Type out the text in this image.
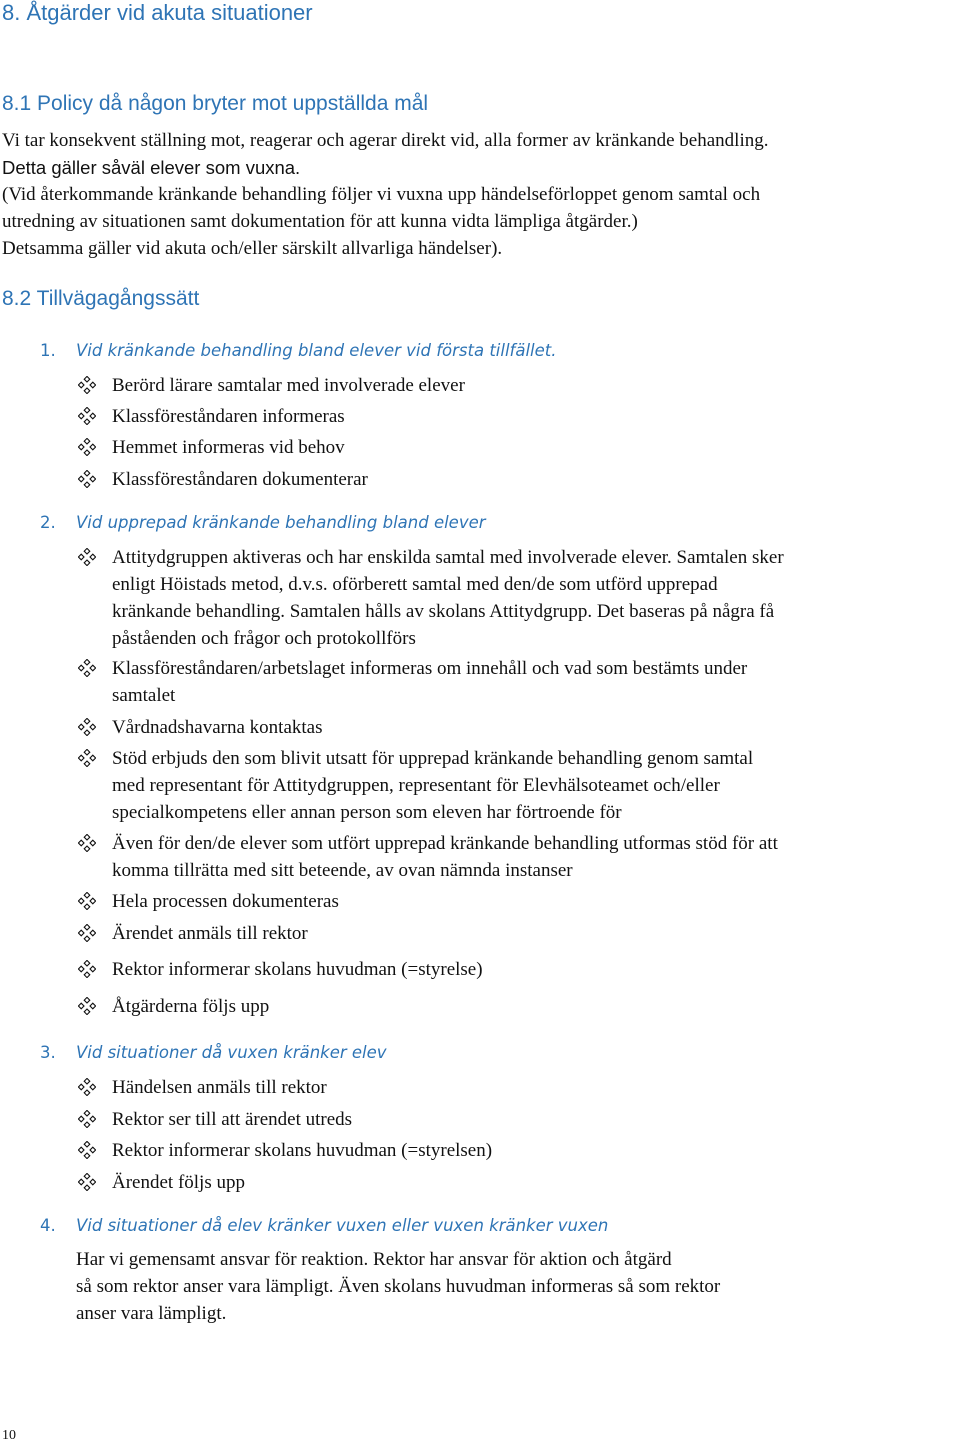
8. Åtgärder vid akuta situationer
8.1 Policy då någon bryter mot uppställda mål
Vi tar konsekvent ställning mot, reagerar och agerar direkt vid, alla former av kränkande behandling.
Detta gäller såväl elever som vuxna.
(Vid återkommande kränkande behandling följer vi vuxna upp händelseförloppet genom samtal och
utredning av situationen samt dokumentation för att kunna vidta lämpliga åtgärder.)
Detsamma gäller vid akuta och/eller särskilt allvarliga händelser).
8.2 Tillvägagångssätt
1. Vid kränkande behandling bland elever vid första tillfället.
Berörd lärare samtalar med involverade elever
Klassföreståndaren informeras
Hemmet informeras vid behov
Klassföreståndaren dokumenterar
2. Vid upprepad kränkande behandling bland elever
Attitydgruppen aktiveras och har enskilda samtal med involverade elever. Samtalen sker
enligt Höistads metod, d.v.s. oförberett samtal med den/de som utförd upprepad
kränkande behandling. Samtalen hålls av skolans Attitydgrupp. Det baseras på några få
påståenden och frågor och protokollförs
Klassföreståndaren/arbetslaget informeras om innehåll och vad som bestämts under
samtalet
Vårdnadshavarna kontaktas
Stöd erbjuds den som blivit utsatt för upprepad kränkande behandling genom samtal
med representant för Attitydgruppen, representant för Elevhälsoteamet och/eller
specialkompetens eller annan person som eleven har förtroende för
Även för den/de elever som utfört upprepad kränkande behandling utformas stöd för att
komma tillrätta med sitt beteende, av ovan nämnda instanser
Hela processen dokumenteras
Ärendet anmäls till rektor
Rektor informerar skolans huvudman (=styrelse)
Åtgärderna följs upp
3. Vid situationer då vuxen kränker elev
Händelsen anmäls till rektor
Rektor ser till att ärendet utreds
Rektor informerar skolans huvudman (=styrelsen)
Ärendet följs upp
4. Vid situationer då elev kränker vuxen eller vuxen kränker vuxen
Har vi gemensamt ansvar för reaktion. Rektor har ansvar för aktion och åtgärd
så som rektor anser vara lämpligt. Även skolans huvudman informeras så som rektor
anser vara lämpligt.
10
